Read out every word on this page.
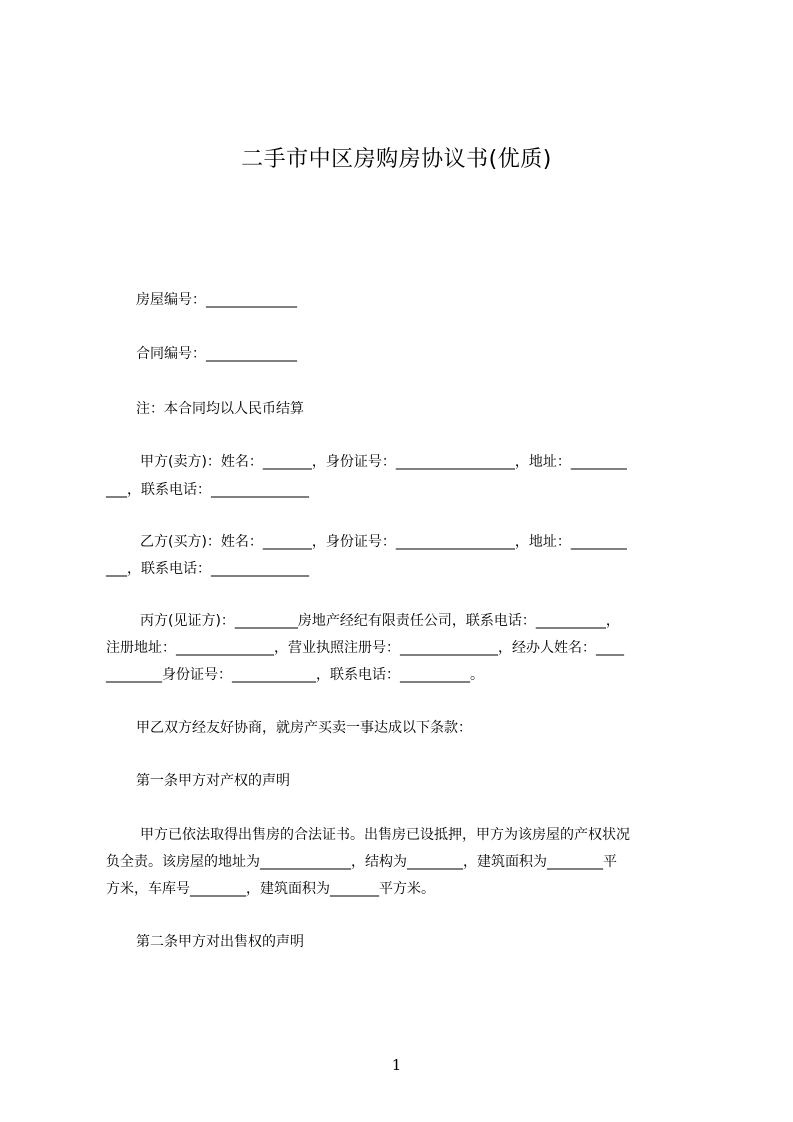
二手市中区房购房协议书(优质)
房屋编号：_____________
合同编号：_____________
注：本合同均以人民币结算
甲方(卖方)：姓名：_______，身份证号：_________________，地址：________
___，联系电话：______________
乙方(买方)：姓名：_______，身份证号：_________________，地址：________
___，联系电话：______________
丙方(见证方)：_________房地产经纪有限责任公司，联系电话：__________，
注册地址：______________，营业执照注册号：______________，经办人姓名：____
________身份证号：____________，联系电话：__________。
甲乙双方经友好协商，就房产买卖一事达成以下条款：
第一条甲方对产权的声明
甲方已依法取得出售房的合法证书。出售房已设抵押，甲方为该房屋的产权状况
负全责。该房屋的地址为_____________，结构为________，建筑面积为________平
方米，车库号________，建筑面积为_______平方米。
第二条甲方对出售权的声明
1
